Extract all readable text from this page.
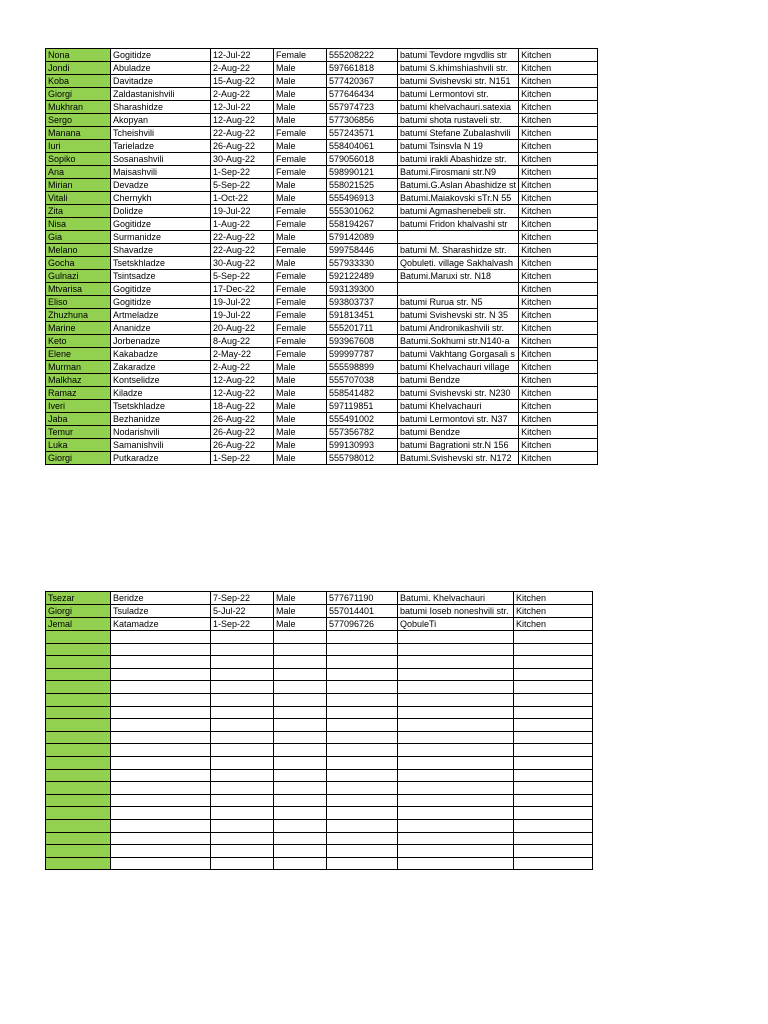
Nona	Gogitidze	12-Jul-22	Female	555208222	batumi Tevdore mgvdlis str	Kitchen
Jondi	Abuladze	2-Aug-22	Male	597661818	batumi S.khimshiashvili str.	Kitchen
Koba	Davitadze	15-Aug-22	Male	577420367	batumi Svishevski str. N151	Kitchen
Giorgi	Zaldastanishvili	2-Aug-22	Male	577646434	batumi Lermontovi str.	Kitchen
Mukhran	Sharashidze	12-Jul-22	Male	557974723	batumi khelvachauri.satexia	Kitchen
Sergo	Akopyan	12-Aug-22	Male	577306856	batumi shota rustaveli str.	Kitchen
Manana	Tcheishvili	22-Aug-22	Female	557243571	batumi Stefane Zubalashvili	Kitchen
Iuri	Tarieladze	26-Aug-22	Male	558404061	batumi Tsinsvla N 19	Kitchen
Sopiko	Sosanashvili	30-Aug-22	Female	579056018	batumi irakli Abashidze str.	Kitchen
Ana	Maisashvili	1-Sep-22	Female	598990121	Batumi.Firosmani str.N9	Kitchen
Mirian	Devadze	5-Sep-22	Male	558021525	Batumi.G.Aslan Abashidze st	Kitchen
Vitali	Chernykh	1-Oct-22	Male	555496913	Batumi.Maiakovski sTr.N 55	Kitchen
Zita	Dolidze	19-Jul-22	Female	555301062	batumi Agmashenebeli str.	Kitchen
Nisa	Gogitidze	1-Aug-22	Female	558194267	batumi Fridon khalvashi str	Kitchen
Gia	Surmanidze	22-Aug-22	Male	579142089		Kitchen
Melano	Shavadze	22-Aug-22	Female	599758446	batumi M. Sharashidze str.	Kitchen
Gocha	Tsetskhladze	30-Aug-22	Male	557933330	Qobuleti. village Sakhalvash	Kitchen
Gulnazi	Tsintsadze	5-Sep-22	Female	592122489	Batumi.Maruxi str. N18	Kitchen
Mtvarisa	Gogitidze	17-Dec-22	Female	593139300		Kitchen
Eliso	Gogitidze	19-Jul-22	Female	593803737	batumi Rurua str. N5	Kitchen
Zhuzhuna	Artmeladze	19-Jul-22	Female	591813451	batumi Svishevski str. N 35	Kitchen
Marine	Ananidze	20-Aug-22	Female	555201711	batumi Andronikashvili str.	Kitchen
Keto	Jorbenadze	8-Aug-22	Female	593967608	Batumi.Sokhumi str.N140-a	Kitchen
Elene	Kakabadze	2-May-22	Female	599997787	batumi Vakhtang Gorgasali s	Kitchen
Murman	Zakaradze	2-Aug-22	Male	555598899	batumi Khelvachauri village	Kitchen
Malkhaz	Kontselidze	12-Aug-22	Male	555707038	batumi Bendze	Kitchen
Ramaz	Kiladze	12-Aug-22	Male	558541482	batumi Svishevski str. N230	Kitchen
Iveri	Tsetskhladze	18-Aug-22	Male	597119851	batumi Khelvachauri	Kitchen
Jaba	Bezhanidze	26-Aug-22	Male	555491002	batumi Lermontovi str. N37	Kitchen
Temur	Nodarishvili	26-Aug-22	Male	557356782	batumi Bendze	Kitchen
Luka	Samanishvili	26-Aug-22	Male	599130993	batumi Bagrationi str.N 156	Kitchen
Giorgi	Putkaradze	1-Sep-22	Male	555798012	Batumi.Svishevski str. N172	Kitchen
Tsezar	Beridze	7-Sep-22	Male	577671190	Batumi. Khelvachauri	Kitchen
Giorgi	Tsuladze	5-Jul-22	Male	557014401	batumi Ioseb noneshvili str.	Kitchen
Jemal	Katamadze	1-Sep-22	Male	577096726	QobuleTi	Kitchen
